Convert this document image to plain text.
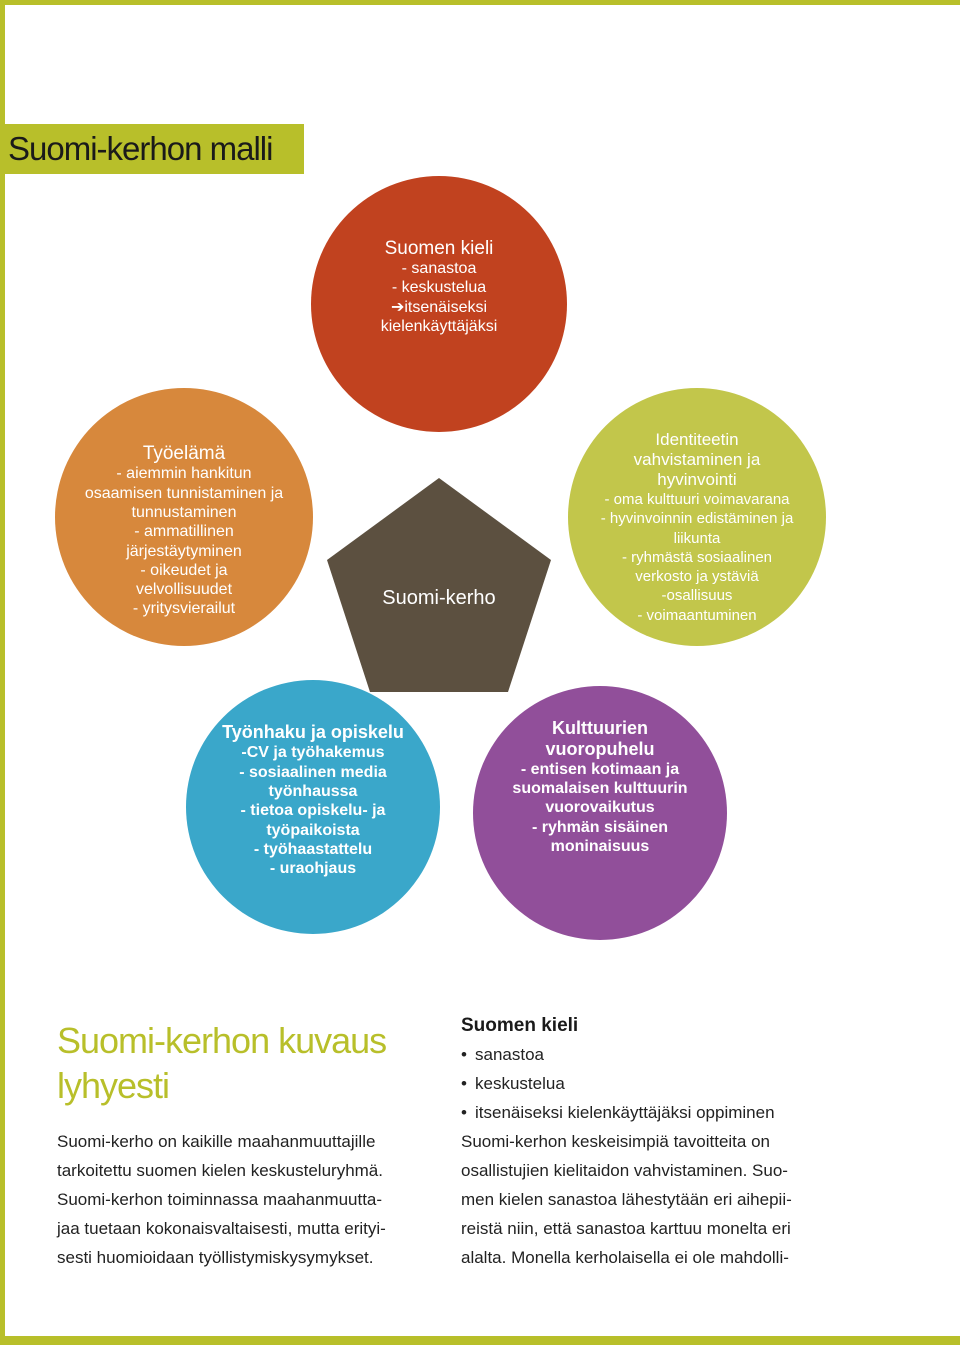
Suomi-kerhon malli
Suomen kieli
- sanastoa
- keskustelua
➔itsenäiseksi
kielenkäyttäjäksi
Työelämä
- aiemmin hankitun
osaamisen tunnistaminen ja
tunnustaminen
- ammatillinen
järjestäytyminen
- oikeudet ja
velvollisuudet
- yritysvierailut
Identiteetin
vahvistaminen ja
hyvinvointi
- oma kulttuuri voimavarana
- hyvinvoinnin edistäminen ja
liikunta
- ryhmästä sosiaalinen
verkosto ja ystäviä
-osallisuus
- voimaantuminen
Työnhaku ja opiskelu
-CV ja työhakemus
- sosiaalinen media
työnhaussa
- tietoa opiskelu- ja
työpaikoista
- työhaastattelu
- uraohjaus
Kulttuurien
vuoropuhelu
- entisen kotimaan ja
suomalaisen kulttuurin
vuorovaikutus
- ryhmän sisäinen
moninaisuus
Suomi-kerho
Suomi-kerhon kuvaus
lyhyesti
Suomi-kerho on kaikille maahanmuuttajille
tarkoitettu suomen kielen keskusteluryhmä.
Suomi-kerhon toiminnassa maahanmuutta-
jaa tuetaan kokonaisvaltaisesti, mutta erityi-
sesti huomioidaan työllistymiskysymykset.
Suomen kieli
• sanastoa
• keskustelua
• itsenäiseksi kielenkäyttäjäksi oppiminen
Suomi-kerhon keskeisimpiä tavoitteita on
osallistujien kielitaidon vahvistaminen. Suo-
men kielen sanastoa lähestytään eri aihepii-
reistä niin, että sanastoa karttuu monelta eri
alalta. Monella kerholaisella ei ole mahdolli-
